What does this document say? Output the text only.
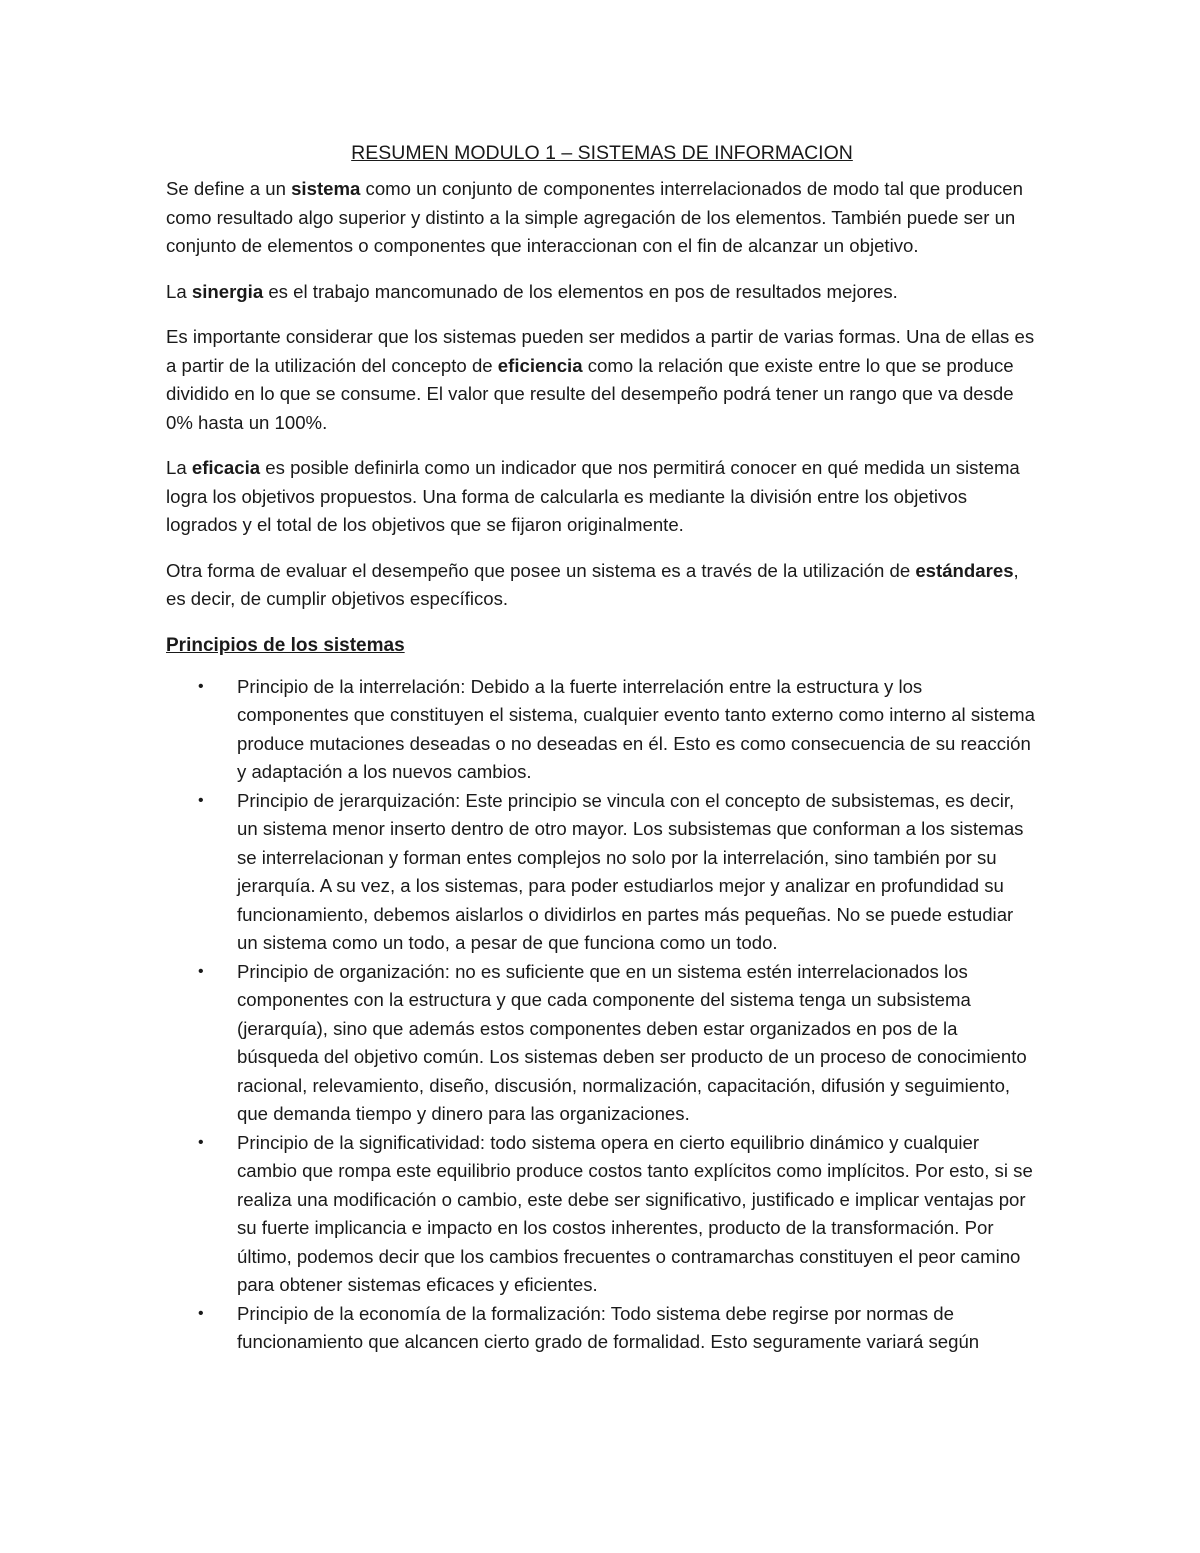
RESUMEN MODULO 1 – SISTEMAS DE INFORMACION

Se define a un sistema como un conjunto de componentes interrelacionados de modo tal que producen como resultado algo superior y distinto a la simple agregación de los elementos. También puede ser un conjunto de elementos o componentes que interaccionan con el fin de alcanzar un objetivo.

La sinergia es el trabajo mancomunado de los elementos en pos de resultados mejores.

Es importante considerar que los sistemas pueden ser medidos a partir de varias formas. Una de ellas es a partir de la utilización del concepto de eficiencia como la relación que existe entre lo que se produce dividido en lo que se consume. El valor que resulte del desempeño podrá tener un rango que va desde 0% hasta un 100%.

La eficacia es posible definirla como un indicador que nos permitirá conocer en qué medida un sistema logra los objetivos propuestos. Una forma de calcularla es mediante la división entre los objetivos logrados y el total de los objetivos que se fijaron originalmente.

Otra forma de evaluar el desempeño que posee un sistema es a través de la utilización de estándares, es decir, de cumplir objetivos específicos.

Principios de los sistemas
• Principio de la interrelación: Debido a la fuerte interrelación entre la estructura y los componentes que constituyen el sistema, cualquier evento tanto externo como interno al sistema produce mutaciones deseadas o no deseadas en él. Esto es como consecuencia de su reacción y adaptación a los nuevos cambios.
• Principio de jerarquización: Este principio se vincula con el concepto de subsistemas, es decir, un sistema menor inserto dentro de otro mayor. Los subsistemas que conforman a los sistemas se interrelacionan y forman entes complejos no solo por la interrelación, sino también por su jerarquía. A su vez, a los sistemas, para poder estudiarlos mejor y analizar en profundidad su funcionamiento, debemos aislarlos o dividirlos en partes más pequeñas. No se puede estudiar un sistema como un todo, a pesar de que funciona como un todo.
• Principio de organización: no es suficiente que en un sistema estén interrelacionados los componentes con la estructura y que cada componente del sistema tenga un subsistema (jerarquía), sino que además estos componentes deben estar organizados en pos de la búsqueda del objetivo común. Los sistemas deben ser producto de un proceso de conocimiento racional, relevamiento, diseño, discusión, normalización, capacitación, difusión y seguimiento, que demanda tiempo y dinero para las organizaciones.
• Principio de la significatividad: todo sistema opera en cierto equilibrio dinámico y cualquier cambio que rompa este equilibrio produce costos tanto explícitos como implícitos. Por esto, si se realiza una modificación o cambio, este debe ser significativo, justificado e implicar ventajas por su fuerte implicancia e impacto en los costos inherentes, producto de la transformación. Por último, podemos decir que los cambios frecuentes o contramarchas constituyen el peor camino para obtener sistemas eficaces y eficientes.
• Principio de la economía de la formalización: Todo sistema debe regirse por normas de funcionamiento que alcancen cierto grado de formalidad. Esto seguramente variará según
